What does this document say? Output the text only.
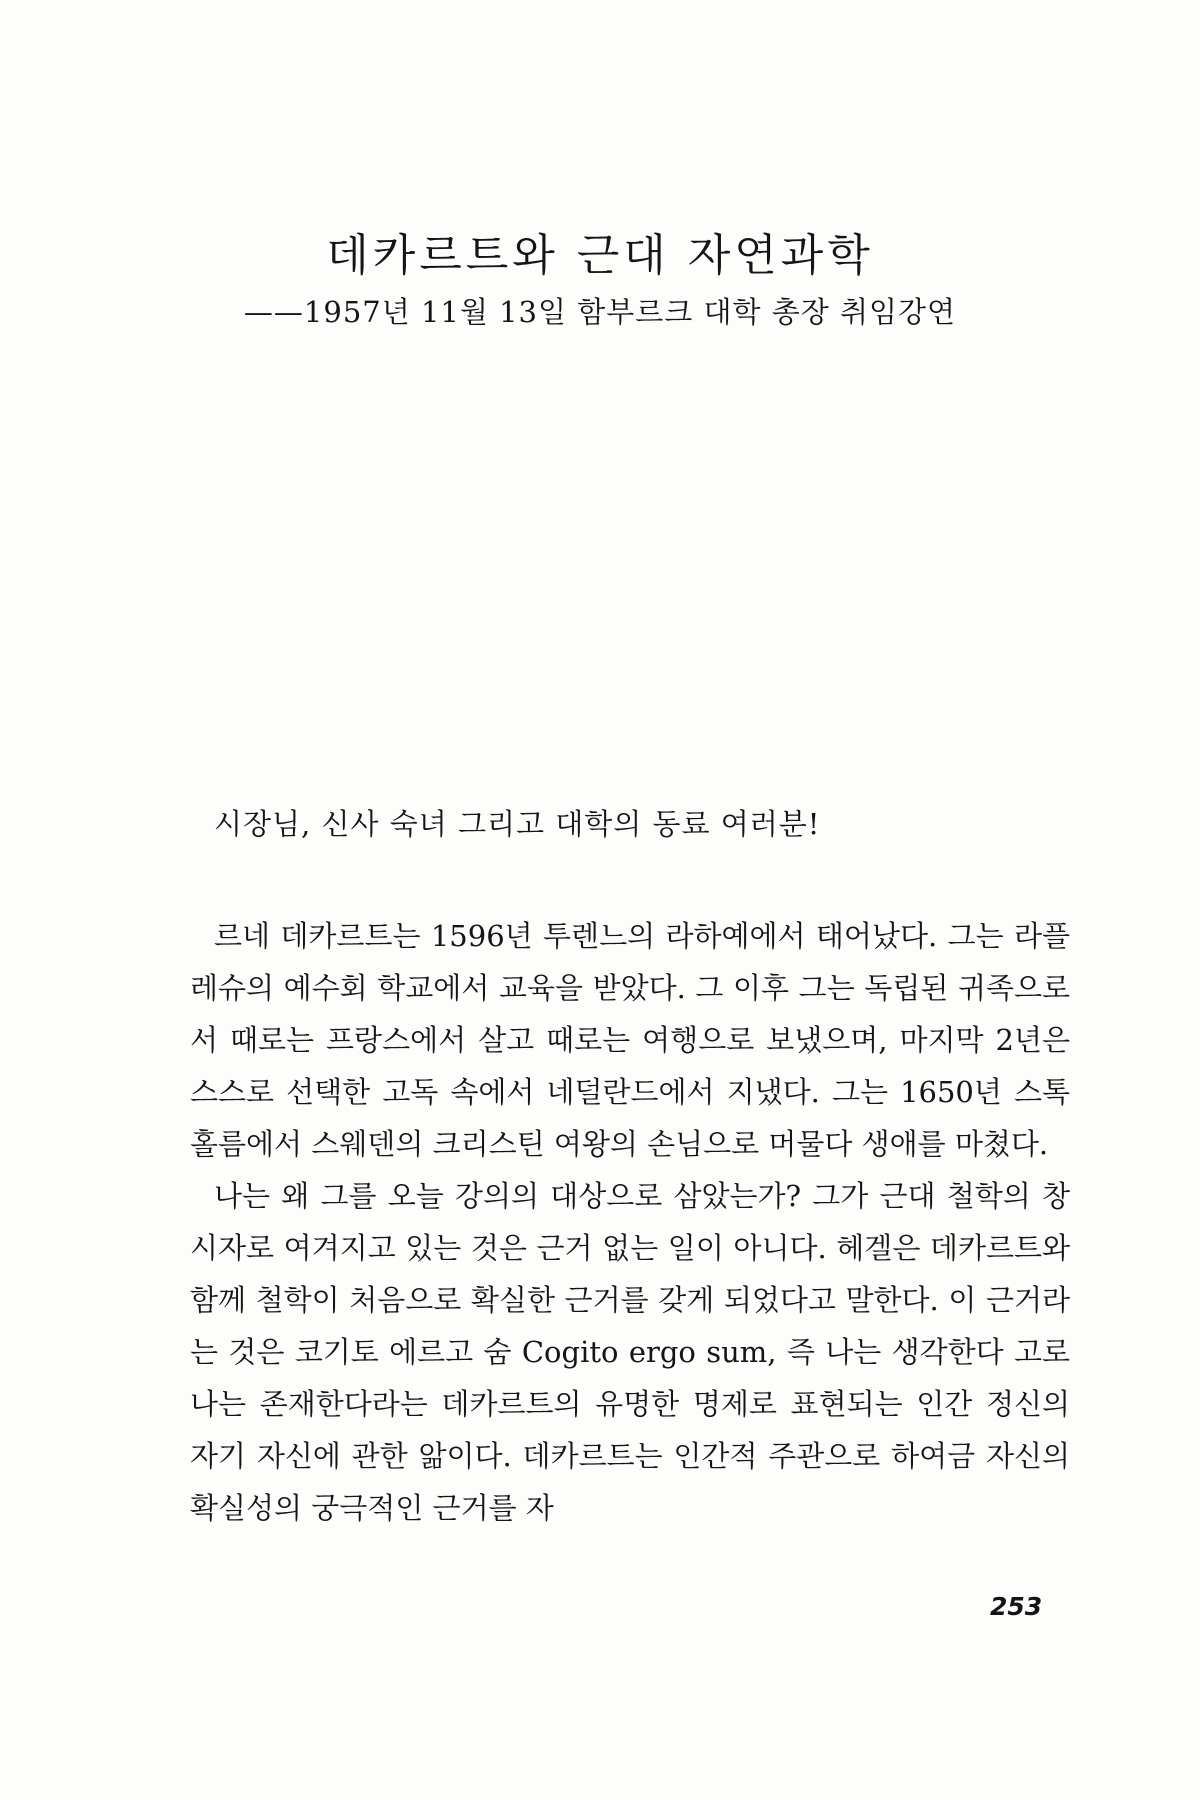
데카르트와 근대 자연과학
——1957년 11월 13일 함부르크 대학 총장 취임강연
시장님, 신사 숙녀 그리고 대학의 동료 여러분!

르네 데카르트는 1596년 투렌느의 라하예에서 태어났다. 그는 라플레슈의 예수회 학교에서 교육을 받았다. 그 이후 그는 독립된 귀족으로서 때로는 프랑스에서 살고 때로는 여행으로 보냈으며, 마지막 2년은 스스로 선택한 고독 속에서 네덜란드에서 지냈다. 그는 1650년 스톡홀름에서 스웨덴의 크리스틴 여왕의 손님으로 머물다 생애를 마쳤다.

나는 왜 그를 오늘 강의의 대상으로 삼았는가? 그가 근대 철학의 창시자로 여겨지고 있는 것은 근거 없는 일이 아니다. 헤겔은 데카르트와 함께 철학이 처음으로 확실한 근거를 갖게 되었다고 말한다. 이 근거라는 것은 코기토 에르고 숨 Cogito ergo sum, 즉 나는 생각한다 고로 나는 존재한다라는 데카르트의 유명한 명제로 표현되는 인간 정신의 자기 자신에 관한 앎이다. 데카르트는 인간적 주관으로 하여금 자신의 확실성의 궁극적인 근거를 자

253
